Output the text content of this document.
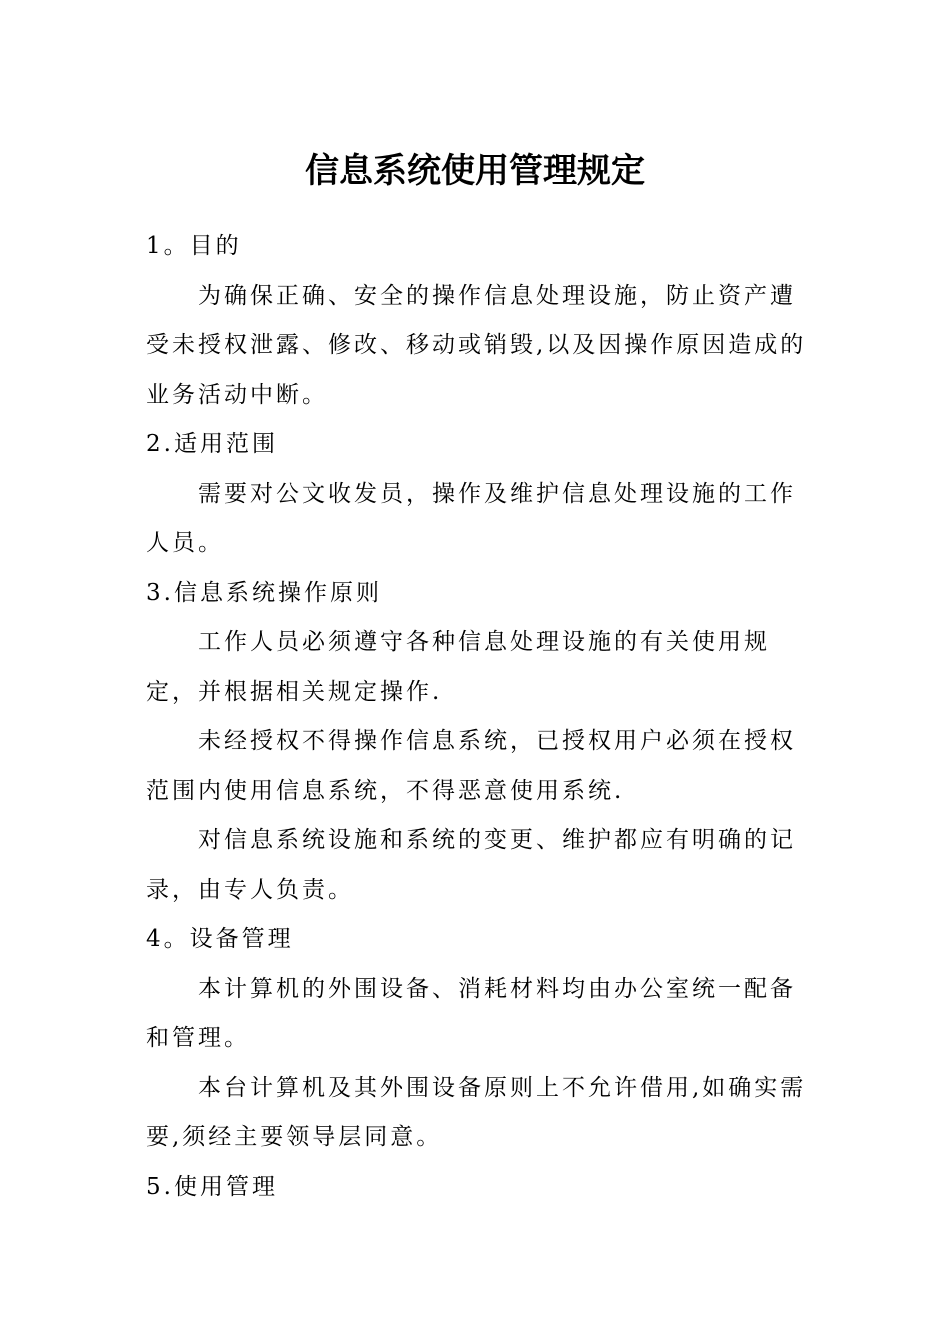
信息系统使用管理规定

1。目的

为确保正确、安全的操作信息处理设施，防止资产遭受未授权泄露、修改、移动或销毁,以及因操作原因造成的业务活动中断。

2.适用范围

需要对公文收发员，操作及维护信息处理设施的工作人员。

3.信息系统操作原则

工作人员必须遵守各种信息处理设施的有关使用规定，并根据相关规定操作.

未经授权不得操作信息系统，已授权用户必须在授权范围内使用信息系统，不得恶意使用系统.

对信息系统设施和系统的变更、维护都应有明确的记录，由专人负责。

4。设备管理

本计算机的外围设备、消耗材料均由办公室统一配备和管理。

本台计算机及其外围设备原则上不允许借用,如确实需要,须经主要领导层同意。

5.使用管理
